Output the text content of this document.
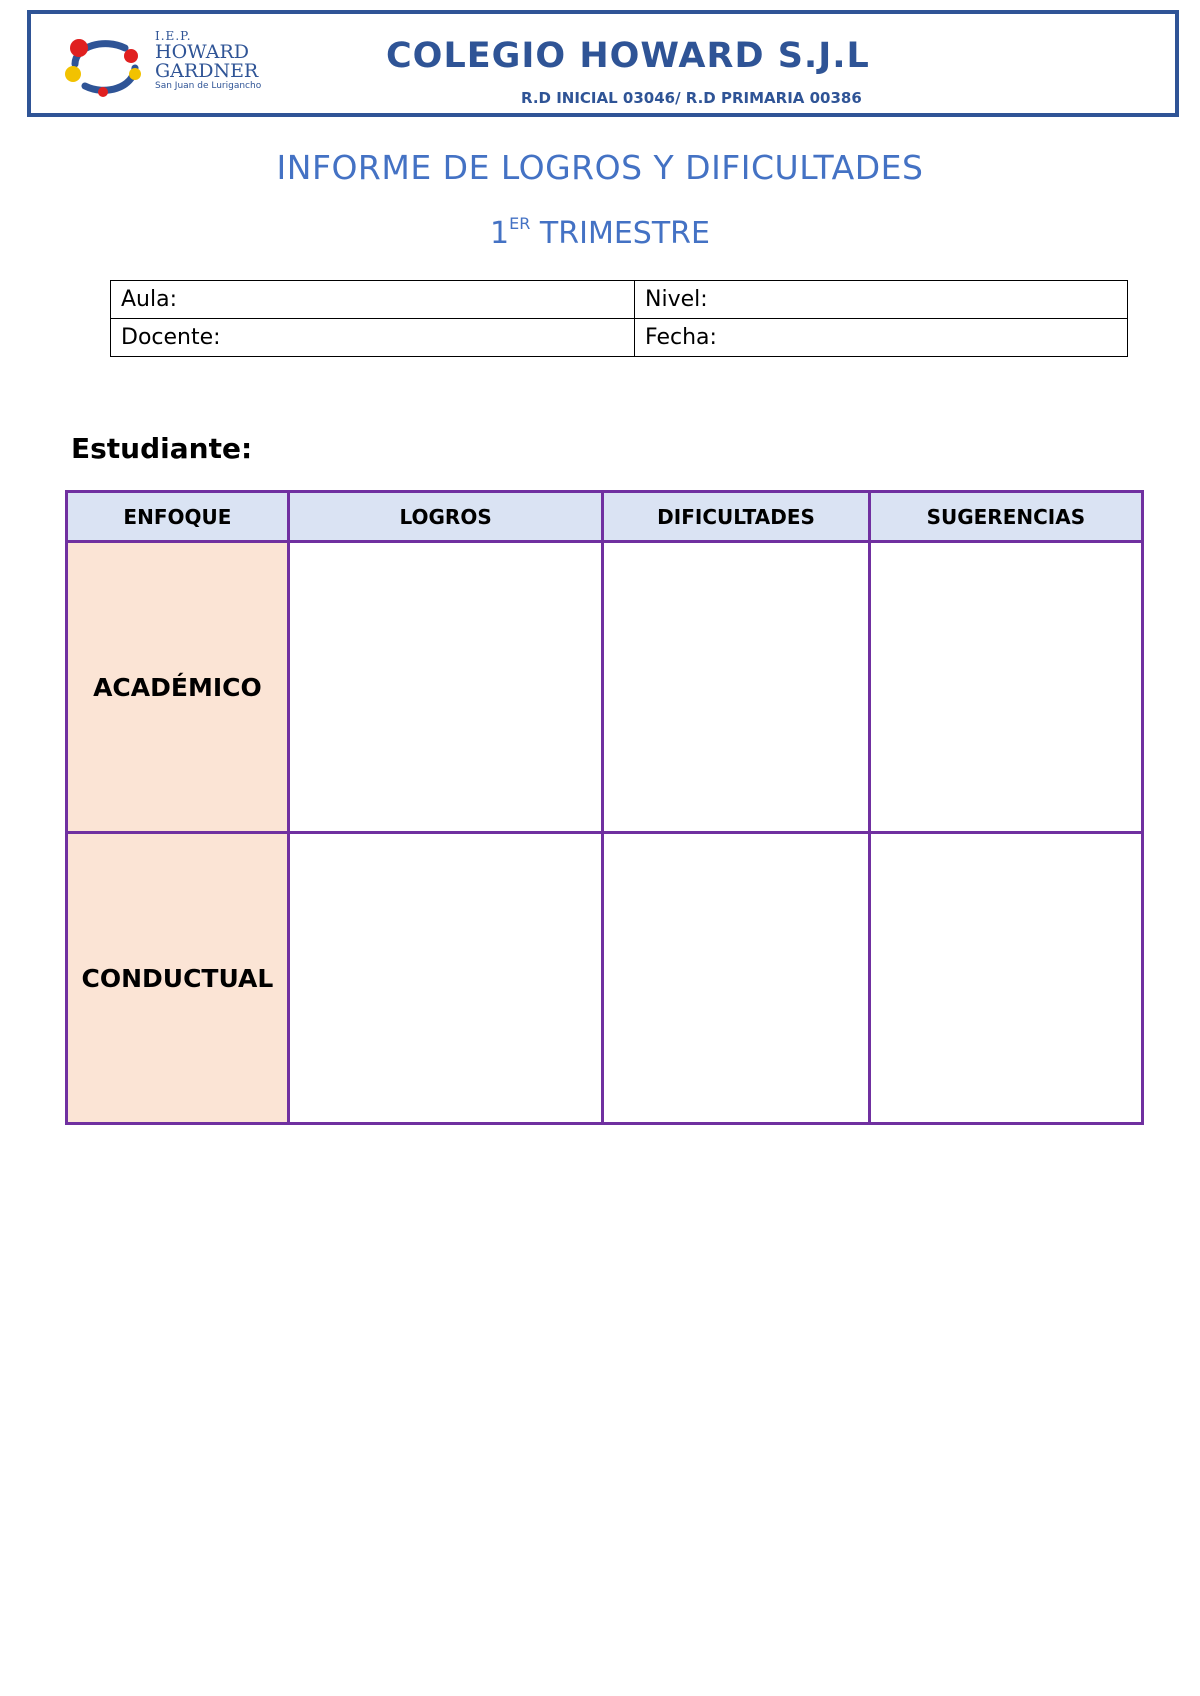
I.E.P.
HOWARD
GARDNER
San Juan de Lurigancho
COLEGIO HOWARD S.J.L
R.D INICIAL 03046/ R.D PRIMARIA 00386
INFORME DE LOGROS Y DIFICULTADES
1ER TRIMESTRE
Aula:	Nivel:
Docente:	Fecha:
Estudiante:
ENFOQUE	LOGROS	DIFICULTADES	SUGERENCIAS
ACADÉMICO			
CONDUCTUAL			
